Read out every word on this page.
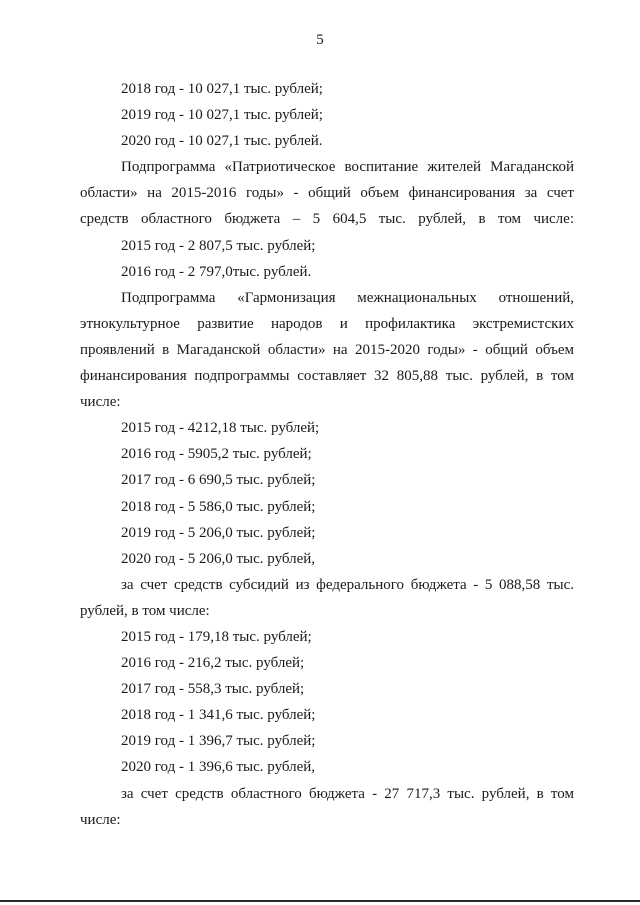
5
2018 год - 10 027,1 тыс. рублей;
2019 год - 10 027,1 тыс. рублей;
2020 год - 10 027,1 тыс. рублей.
Подпрограмма «Патриотическое воспитание жителей Магаданской
области» на 2015-2016 годы» - общий объем финансирования за счет
средств областного бюджета – 5 604,5 тыс. рублей, в том числе:
2015 год - 2 807,5 тыс. рублей;
2016 год - 2 797,0тыс. рублей.
Подпрограмма «Гармонизация межнациональных отношений,
этнокультурное развитие народов и профилактика экстремистских
проявлений в Магаданской области» на 2015-2020 годы» - общий объем
финансирования подпрограммы составляет 32 805,88 тыс. рублей, в том
числе:
2015 год - 4212,18 тыс. рублей;
2016 год - 5905,2 тыс. рублей;
2017 год - 6 690,5 тыс. рублей;
2018 год - 5 586,0 тыс. рублей;
2019 год - 5 206,0 тыс. рублей;
2020 год - 5 206,0 тыс. рублей,
за счет средств субсидий из федерального бюджета - 5 088,58 тыс.
рублей, в том числе:
2015 год - 179,18 тыс. рублей;
2016 год - 216,2 тыс. рублей;
2017 год - 558,3 тыс. рублей;
2018 год - 1 341,6 тыс. рублей;
2019 год - 1 396,7 тыс. рублей;
2020 год - 1 396,6 тыс. рублей,
за счет средств областного бюджета - 27 717,3 тыс. рублей, в том
числе:
